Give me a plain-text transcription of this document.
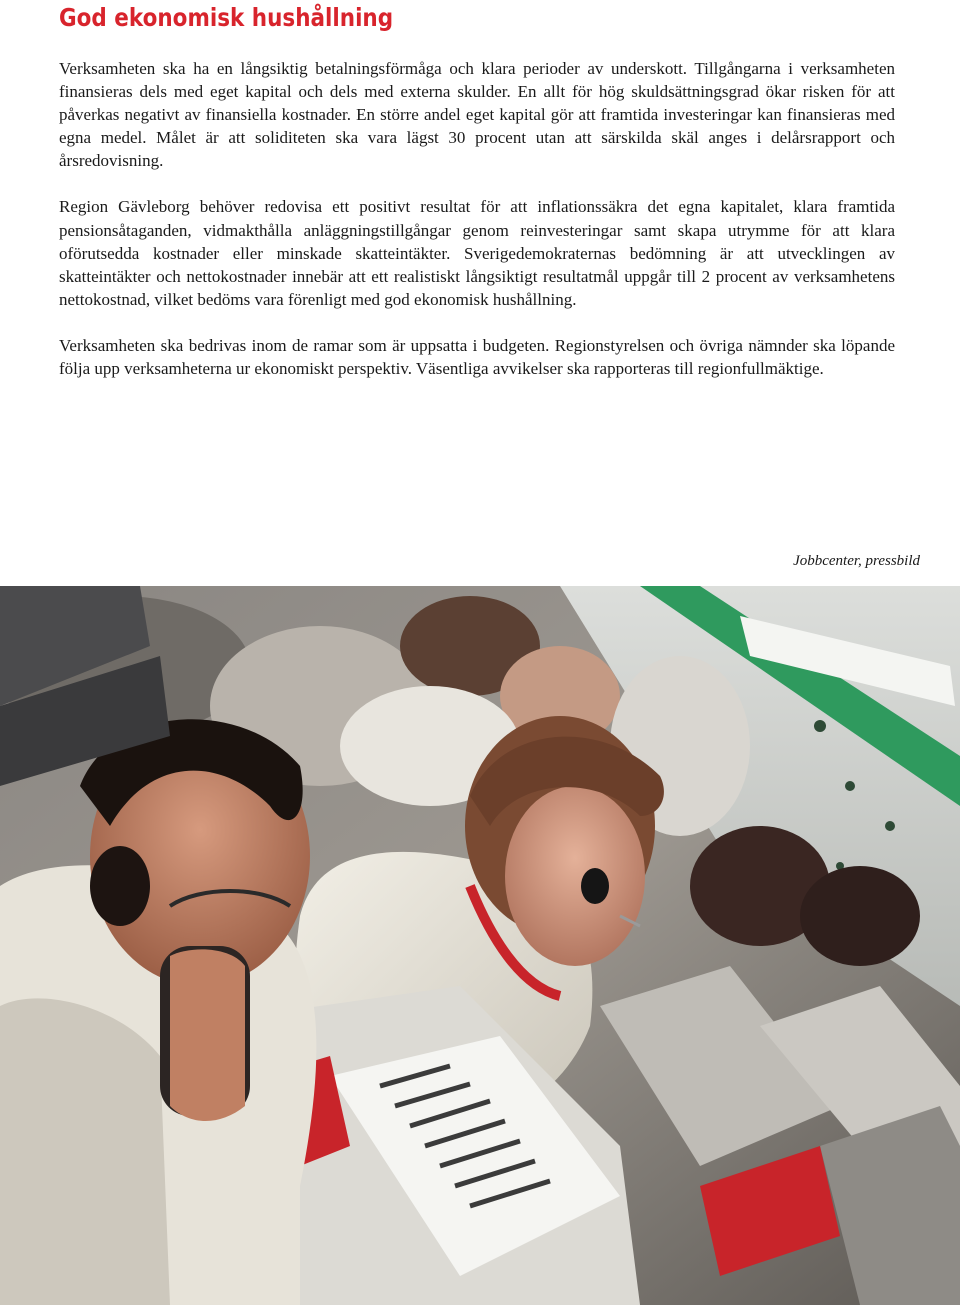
God ekonomisk hushållning

Verksamheten ska ha en långsiktig betalningsförmåga och klara perioder av underskott. Tillgångarna i verksamheten finansieras dels med eget kapital och dels med externa skulder. En allt för hög skuldsättningsgrad ökar risken för att påverkas negativt av finansiella kostnader. En större andel eget kapital gör att framtida investeringar kan finansieras med egna medel. Målet är att soliditeten ska vara lägst 30 procent utan att särskilda skäl anges i delårsrapport och årsredovisning.

Region Gävleborg behöver redovisa ett positivt resultat för att inflationssäkra det egna kapitalet, klara framtida pensionsåtaganden, vidmakthålla anläggningstillgångar genom reinvesteringar samt skapa utrymme för att klara oförutsedda kostnader eller minskade skatteintäkter. Sverigedemokraternas bedömning är att utvecklingen av skatteintäkter och nettokostnader innebär att ett realistiskt långsiktigt resultatmål uppgår till 2 procent av verksamhetens nettokostnad, vilket bedöms vara förenligt med god ekonomisk hushållning.

Verksamheten ska bedrivas inom de ramar som är uppsatta i budgeten. Regionstyrelsen och övriga nämnder ska löpande följa upp verksamheterna ur ekonomiskt perspektiv. Väsentliga avvikelser ska rapporteras till regionfullmäktige.

Jobbcenter, pressbild
